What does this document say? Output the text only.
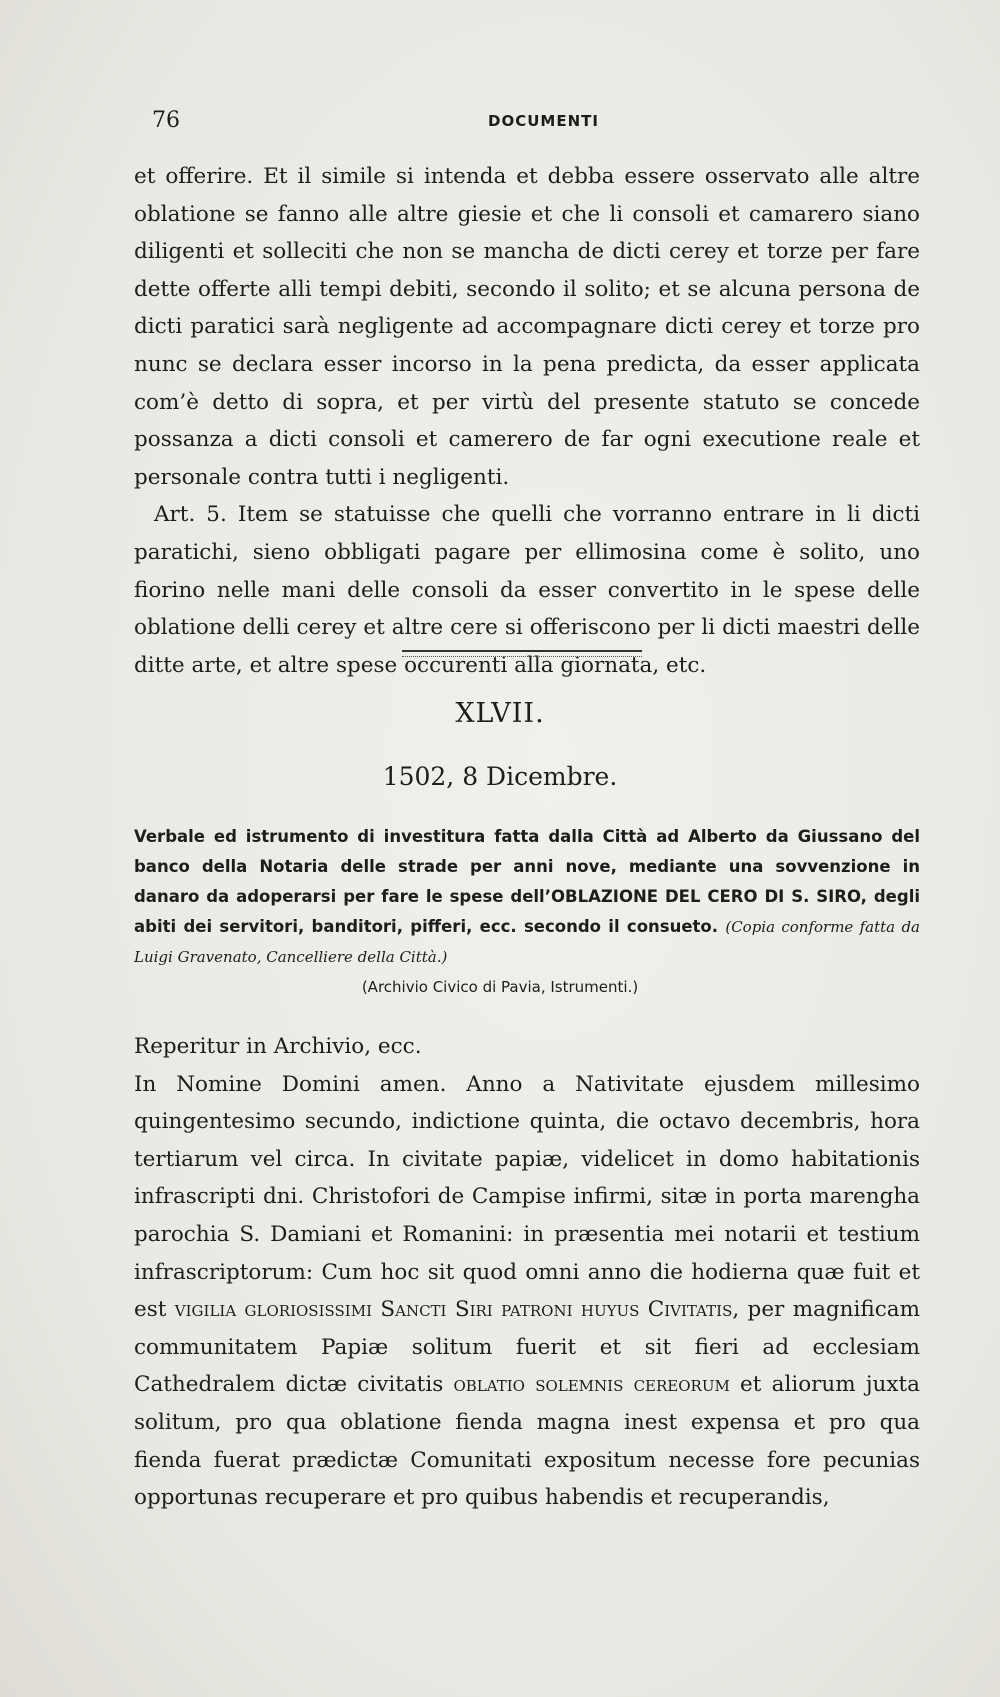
76	DOCUMENTI

et offerire. Et il simile si intenda et debba essere osservato alle altre oblatione se fanno alle altre giesie et che li consoli et camarero siano diligenti et solleciti che non se mancha de dicti cerey et torze per fare dette offerte alli tempi debiti, secondo il solito; et se alcuna persona de dicti paratici sarà negligente ad accompagnare dicti cerey et torze pro nunc se declara esser incorso in la pena predicta, da esser applicata com’è detto di sopra, et per virtù del presente statuto se concede possanza a dicti consoli et camerero de far ogni executione reale et personale contra tutti i negligenti.

Art. 5. Item se statuisse che quelli che vorranno entrare in li dicti paratichi, sieno obbligati pagare per ellimosina come è solito, uno fiorino nelle mani delle consoli da esser convertito in le spese delle oblatione delli cerey et altre cere si offeriscono per li dicti maestri delle ditte arte, et altre spese occurenti alla giornata, etc.

XLVII.
1502, 8 Dicembre.

Verbale ed istrumento di investitura fatta dalla Città ad Alberto da Giussano del banco della Notaria delle strade per anni nove, mediante una sovvenzione in danaro da adoperarsi per fare le spese dell’OBLAZIONE DEL CERO DI S. SIRO, degli abiti dei servitori, banditori, pifferi, ecc. secondo il consueto. (Copia conforme fatta da Luigi Gravenato, Cancelliere della Città.)

(Archivio Civico di Pavia, Istrumenti.)

Reperitur in Archivio, ecc.

In Nomine Domini amen. Anno a Nativitate ejusdem millesimo quingentesimo secundo, indictione quinta, die octavo decembris, hora tertiarum vel circa. In civitate papiæ, videlicet in domo habitationis infrascripti dni. Christofori de Campise infirmi, sitæ in porta marengha parochia S. Damiani et Romanini: in præsentia mei notarii et testium infrascriptorum: Cum hoc sit quod omni anno die hodierna quæ fuit et est vigilia gloriosissimi Sancti Siri patroni huyus Civitatis, per magnificam communitatem Papiæ solitum fuerit et sit fieri ad ecclesiam Cathedralem dictæ civitatis oblatio solemnis cereorum et aliorum juxta solitum, pro qua oblatione fienda magna inest expensa et pro qua fienda fuerat prædictæ Comunitati expositum necesse fore pecunias opportunas recuperare et pro quibus habendis et recuperandis,
